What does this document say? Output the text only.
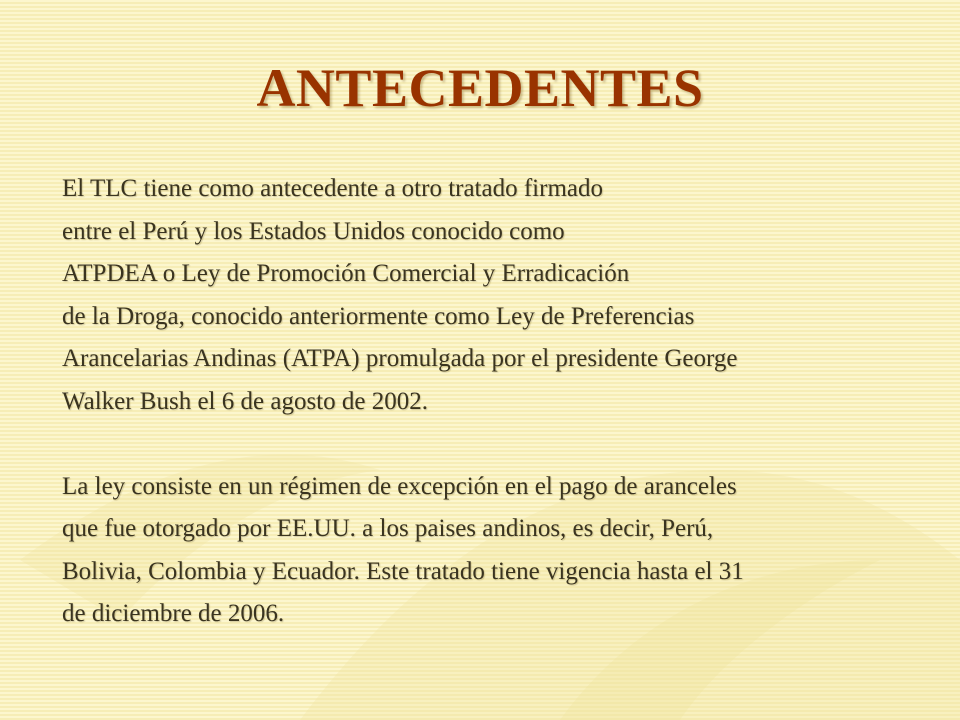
ANTECEDENTES

El TLC tiene como antecedente a otro tratado firmado
entre el Perú y los Estados Unidos conocido como
ATPDEA o Ley de Promoción Comercial y Erradicación
de la Droga, conocido anteriormente como Ley de Preferencias
Arancelarias Andinas (ATPA) promulgada por el presidente George
Walker Bush el 6 de agosto de 2002.

La ley consiste en un régimen de excepción en el pago de aranceles
que fue otorgado por EE.UU. a los paises andinos, es decir, Perú,
Bolivia, Colombia y Ecuador. Este tratado tiene vigencia hasta el 31
de diciembre de 2006.
